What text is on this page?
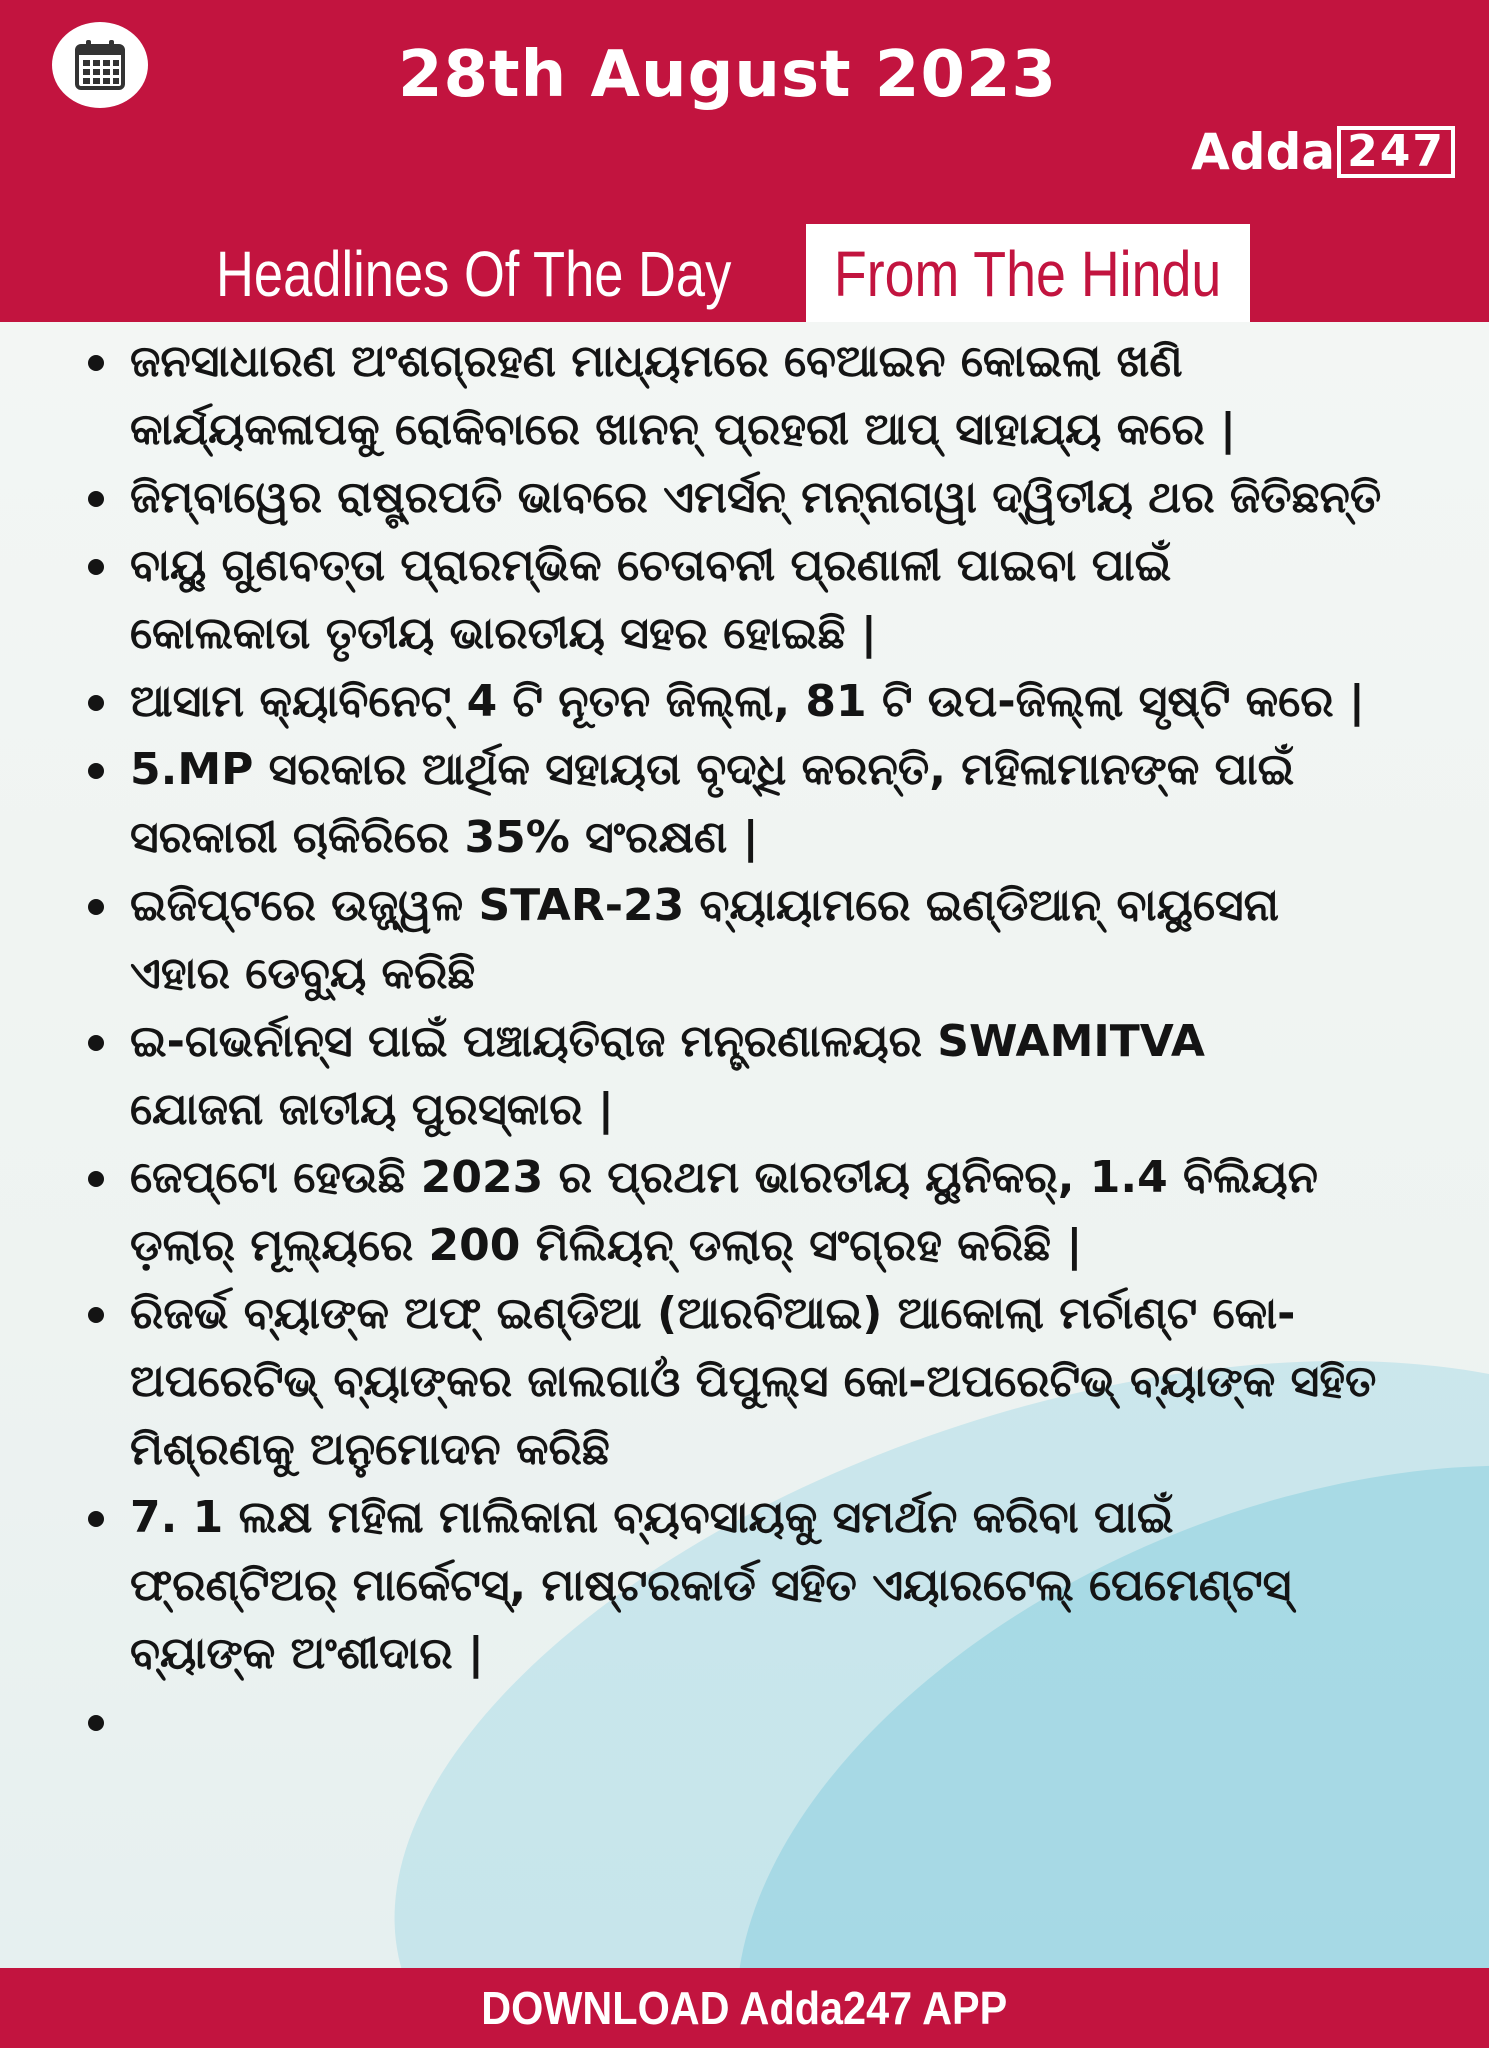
28th August 2023
Adda 247
Headlines Of The Day From The Hindu
ଜନସାଧାରଣ ଅଂଶଗ୍ରହଣ ମାଧ୍ୟମରେ ବେଆଇନ କୋଇଲା ଖଣି
କାର୍ଯ୍ୟକଳାପକୁ ରୋକିବାରେ ଖାନନ୍ ପ୍ରହରୀ ଆପ୍ ସାହାଯ୍ୟ କରେ |
ଜିମ୍ବାୱେର ରାଷ୍ଟ୍ରପତି ଭାବରେ ଏମର୍ସନ୍ ମନ୍ନାଗୱା ଦ୍ୱିତୀୟ ଥର ଜିତିଛନ୍ତି
ବାୟୁ ଗୁଣବତ୍ତା ପ୍ରାରମ୍ଭିକ ଚେତାବନୀ ପ୍ରଣାଳୀ ପାଇବା ପାଇଁ
କୋଲକାତା ତୃତୀୟ ଭାରତୀୟ ସହର ହୋଇଛି |
ଆସାମ କ୍ୟାବିନେଟ୍ 4 ଟି ନୂତନ ଜିଲ୍ଲା, 81 ଟି ଉପ-ଜିଲ୍ଲା ସୃଷ୍ଟି କରେ |
5.MP ସରକାର ଆର୍ଥିକ ସହାୟତା ବୃଦ୍ଧି କରନ୍ତି, ମହିଳାମାନଙ୍କ ପାଇଁ
ସରକାରୀ ଚାକିରିରେ 35% ସଂରକ୍ଷଣ |
ଇଜିପ୍ଟରେ ଉଜ୍ଜ୍ୱଳ STAR-23 ବ୍ୟାୟାମରେ ଇଣ୍ଡିଆନ୍ ବାୟୁସେନା
ଏହାର ଡେବ୍ୟୁ କରିଛି
ଇ-ଗଭର୍ନାନ୍ସ ପାଇଁ ପଞ୍ଚାୟତିରାଜ ମନ୍ତ୍ରଣାଳୟର SWAMITVA
ଯୋଜନା ଜାତୀୟ ପୁରସ୍କାର |
ଜେପ୍ଟୋ ହେଉଛି 2023 ର ପ୍ରଥମ ଭାରତୀୟ ୟୁନିକର୍, 1.4 ବିଲିୟନ
ଡ଼ଲାର୍ ମୂଲ୍ୟରେ 200 ମିଲିୟନ୍ ଡଲାର୍ ସଂଗ୍ରହ କରିଛି |
ରିଜର୍ଭ ବ୍ୟାଙ୍କ ଅଫ୍ ଇଣ୍ଡିଆ (ଆରବିଆଇ) ଆକୋଲା ମର୍ଚାଣ୍ଟ କୋ-
ଅପରେଟିଭ୍ ବ୍ୟାଙ୍କର ଜାଲଗାଓଁ ପିପୁଲ୍ସ କୋ-ଅପରେଟିଭ୍ ବ୍ୟାଙ୍କ ସହିତ
ମିଶ୍ରଣକୁ ଅନୁମୋଦନ କରିଛି
7. 1 ଲକ୍ଷ ମହିଳା ମାଲିକାନା ବ୍ୟବସାୟକୁ ସମର୍ଥନ କରିବା ପାଇଁ
ଫ୍ରଣ୍ଟିଅର୍ ମାର୍କେଟସ୍, ମାଷ୍ଟରକାର୍ଡ ସହିତ ଏୟାରଟେଲ୍ ପେମେଣ୍ଟସ୍
ବ୍ୟାଙ୍କ ଅଂଶୀଦାର |
DOWNLOAD Adda247 APP
